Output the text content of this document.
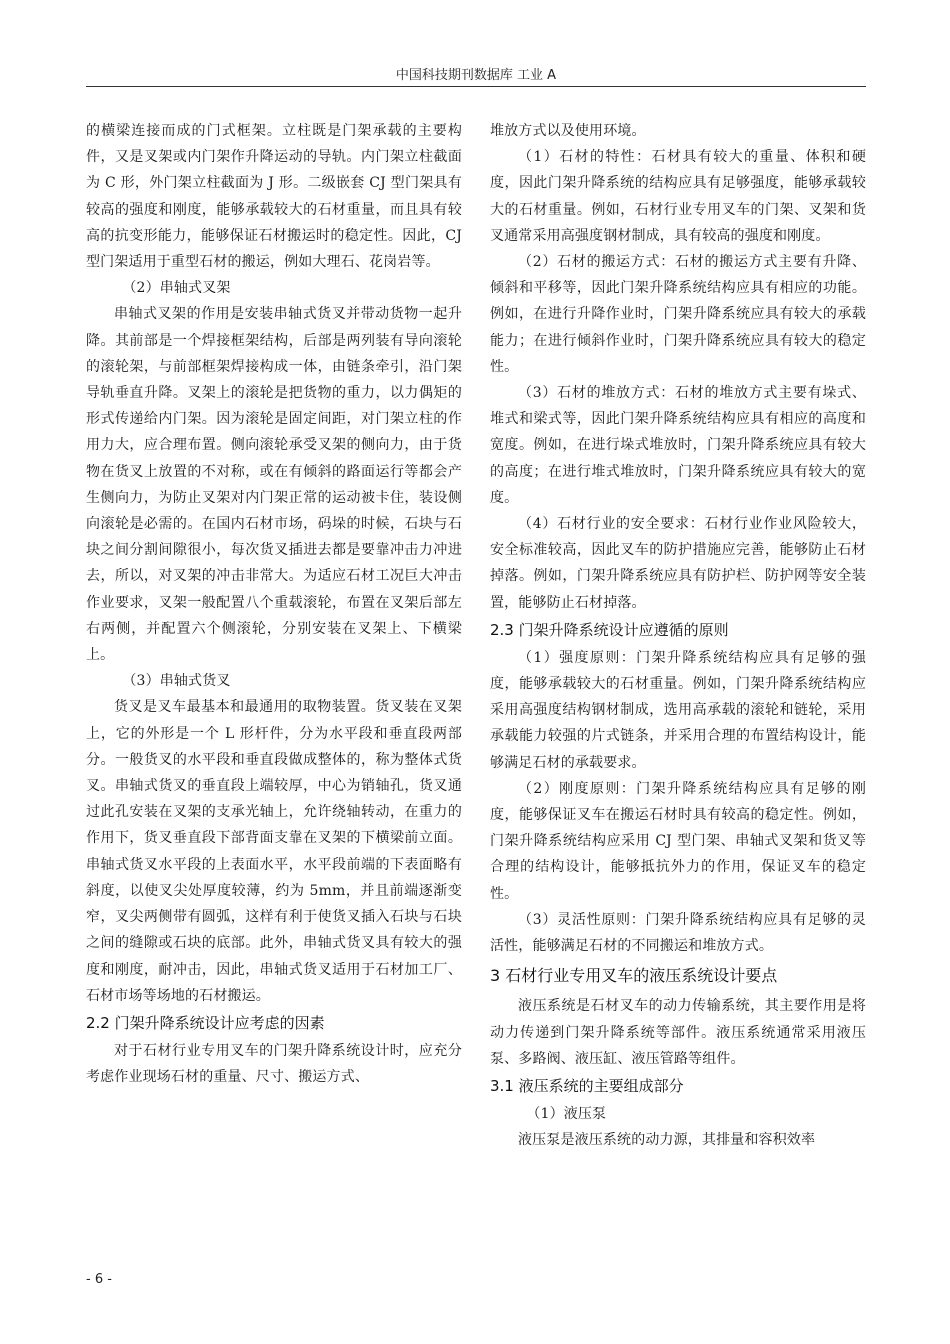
中国科技期刊数据库 工业 A

的横梁连接而成的门式框架。立柱既是门架承载的主要构件，又是叉架或内门架作升降运动的导轨。内门架立柱截面为 C 形，外门架立柱截面为 J 形。二级嵌套 CJ 型门架具有较高的强度和刚度，能够承载较大的石材重量，而且具有较高的抗变形能力，能够保证石材搬运时的稳定性。因此，CJ 型门架适用于重型石材的搬运，例如大理石、花岗岩等。

（2）串轴式叉架

串轴式叉架的作用是安装串轴式货叉并带动货物一起升降。其前部是一个焊接框架结构，后部是两列装有导向滚轮的滚轮架，与前部框架焊接构成一体，由链条牵引，沿门架导轨垂直升降。叉架上的滚轮是把货物的重力，以力偶矩的形式传递给内门架。因为滚轮是固定间距，对门架立柱的作用力大，应合理布置。侧向滚轮承受叉架的侧向力，由于货物在货叉上放置的不对称，或在有倾斜的路面运行等都会产生侧向力，为防止叉架对内门架正常的运动被卡住，装设侧向滚轮是必需的。在国内石材市场，码垛的时候，石块与石块之间分割间隙很小，每次货叉插进去都是要靠冲击力冲进去，所以，对叉架的冲击非常大。为适应石材工况巨大冲击作业要求，叉架一般配置八个重载滚轮，布置在叉架后部左右两侧，并配置六个侧滚轮，分别安装在叉架上、下横梁上。

（3）串轴式货叉

货叉是叉车最基本和最通用的取物装置。货叉装在叉架上，它的外形是一个 L 形杆件，分为水平段和垂直段两部分。一般货叉的水平段和垂直段做成整体的，称为整体式货叉。串轴式货叉的垂直段上端较厚，中心为销轴孔，货叉通过此孔安装在叉架的支承光轴上，允许绕轴转动，在重力的作用下，货叉垂直段下部背面支靠在叉架的下横梁前立面。串轴式货叉水平段的上表面水平，水平段前端的下表面略有斜度，以使叉尖处厚度较薄，约为 5mm，并且前端逐渐变窄，叉尖两侧带有圆弧，这样有利于使货叉插入石块与石块之间的缝隙或石块的底部。此外，串轴式货叉具有较大的强度和刚度，耐冲击，因此，串轴式货叉适用于石材加工厂、石材市场等场地的石材搬运。

2.2 门架升降系统设计应考虑的因素

对于石材行业专用叉车的门架升降系统设计时，应充分考虑作业现场石材的重量、尺寸、搬运方式、

堆放方式以及使用环境。

（1）石材的特性：石材具有较大的重量、体积和硬度，因此门架升降系统的结构应具有足够强度，能够承载较大的石材重量。例如，石材行业专用叉车的门架、叉架和货叉通常采用高强度钢材制成，具有较高的强度和刚度。

（2）石材的搬运方式：石材的搬运方式主要有升降、倾斜和平移等，因此门架升降系统结构应具有相应的功能。例如，在进行升降作业时，门架升降系统应具有较大的承载能力；在进行倾斜作业时，门架升降系统应具有较大的稳定性。

（3）石材的堆放方式：石材的堆放方式主要有垛式、堆式和梁式等，因此门架升降系统结构应具有相应的高度和宽度。例如，在进行垛式堆放时，门架升降系统应具有较大的高度；在进行堆式堆放时，门架升降系统应具有较大的宽度。

（4）石材行业的安全要求：石材行业作业风险较大，安全标准较高，因此叉车的防护措施应完善，能够防止石材掉落。例如，门架升降系统应具有防护栏、防护网等安全装置，能够防止石材掉落。

2.3 门架升降系统设计应遵循的原则

（1）强度原则：门架升降系统结构应具有足够的强度，能够承载较大的石材重量。例如，门架升降系统结构应采用高强度结构钢材制成，选用高承载的滚轮和链轮，采用承载能力较强的片式链条，并采用合理的布置结构设计，能够满足石材的承载要求。

（2）刚度原则：门架升降系统结构应具有足够的刚度，能够保证叉车在搬运石材时具有较高的稳定性。例如，门架升降系统结构应采用 CJ 型门架、串轴式叉架和货叉等合理的结构设计，能够抵抗外力的作用，保证叉车的稳定性。

（3）灵活性原则：门架升降系统结构应具有足够的灵活性，能够满足石材的不同搬运和堆放方式。

3 石材行业专用叉车的液压系统设计要点

液压系统是石材叉车的动力传输系统，其主要作用是将动力传递到门架升降系统等部件。液压系统通常采用液压泵、多路阀、液压缸、液压管路等组件。

3.1 液压系统的主要组成部分

（1）液压泵

液压泵是液压系统的动力源，其排量和容积效率

- 6 -
